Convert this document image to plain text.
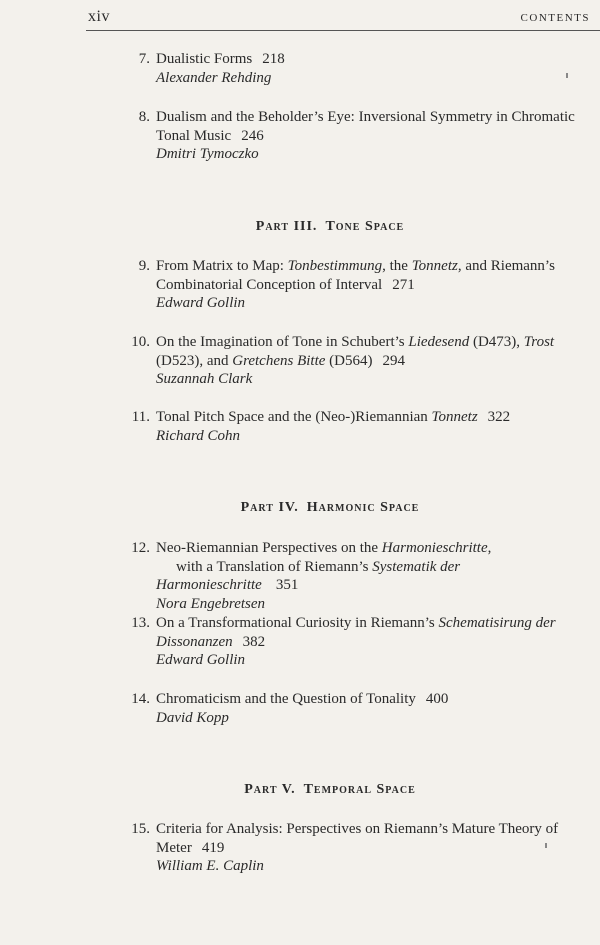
xiv	CONTENTS
7. Dualistic Forms 218
Alexander Rehding
8. Dualism and the Beholder’s Eye: Inversional Symmetry in Chromatic
Tonal Music 246
Dmitri Tymoczko
Part III. Tone Space
9. From Matrix to Map: Tonbestimmung, the Tonnetz, and Riemann’s
Combinatorial Conception of Interval 271
Edward Gollin
10. On the Imagination of Tone in Schubert’s Liedesend (D473), Trost
(D523), and Gretchens Bitte (D564) 294
Suzannah Clark
11. Tonal Pitch Space and the (Neo-)Riemannian Tonnetz 322
Richard Cohn
Part IV. Harmonic Space
12. Neo-Riemannian Perspectives on the Harmonieschritte,
with a Translation of Riemann’s Systematik der Harmonieschritte 351
Nora Engebretsen
13. On a Transformational Curiosity in Riemann’s Schematisirung der
Dissonanzen 382
Edward Gollin
14. Chromaticism and the Question of Tonality 400
David Kopp
Part V. Temporal Space
15. Criteria for Analysis: Perspectives on Riemann’s Mature Theory of
Meter 419
William E. Caplin
